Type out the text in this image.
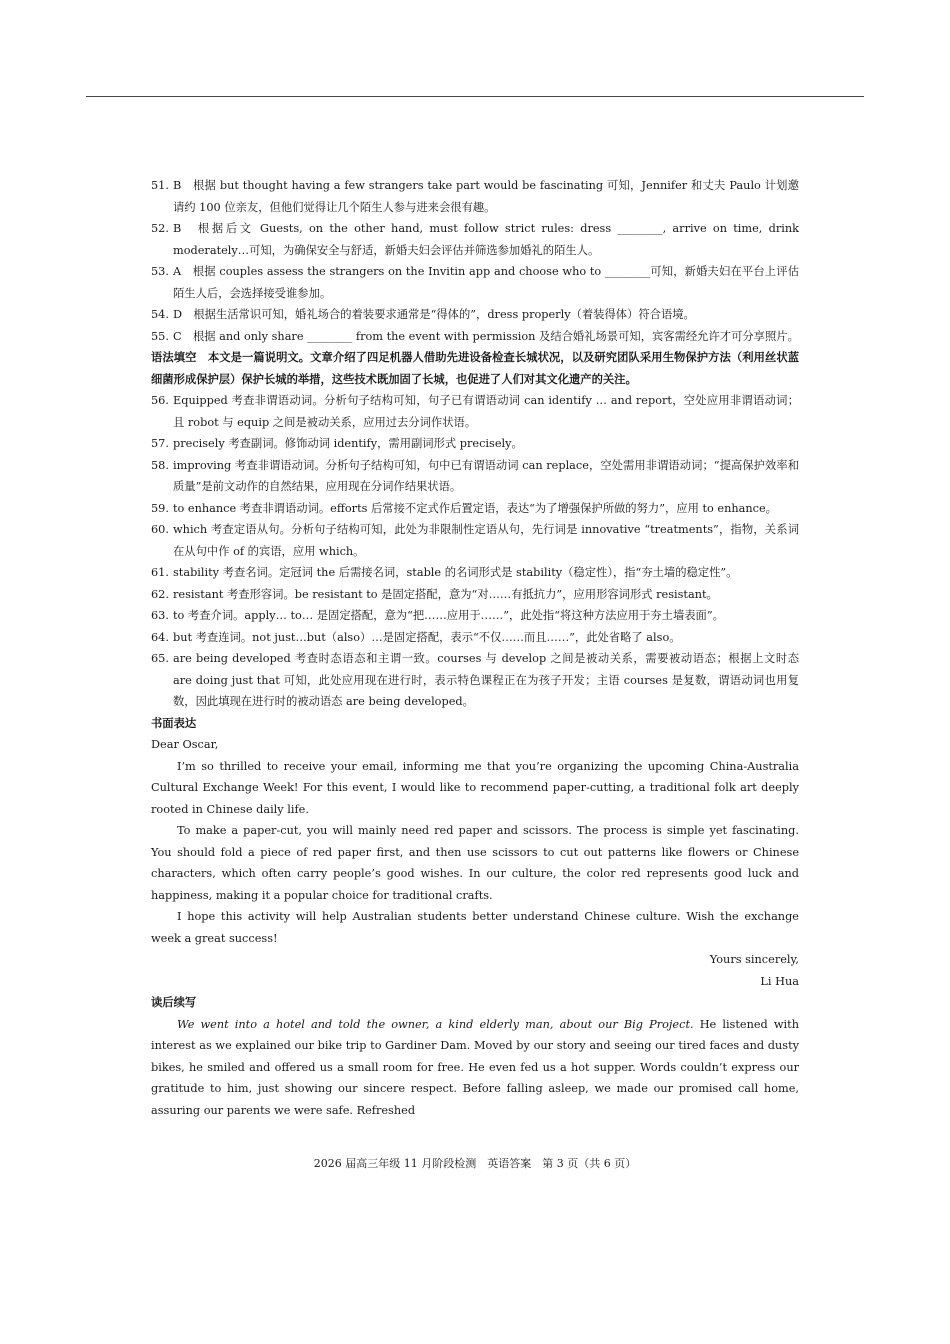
51. B　根据 but thought having a few strangers take part would be fascinating 可知，Jennifer 和丈夫 Paulo 计划邀请约 100 位亲友，但他们觉得让几个陌生人参与进来会很有趣。
52. B　根据后文 Guests, on the other hand, must follow strict rules: dress ________, arrive on time, drink moderately…可知，为确保安全与舒适，新婚夫妇会评估并筛选参加婚礼的陌生人。
53. A　根据 couples assess the strangers on the Invitin app and choose who to ________可知，新婚夫妇在平台上评估陌生人后，会选择接受谁参加。
54. D　根据生活常识可知，婚礼场合的着装要求通常是“得体的”，dress properly（着装得体）符合语境。
55. C　根据 and only share ________ from the event with permission 及结合婚礼场景可知，宾客需经允许才可分享照片。
语法填空　本文是一篇说明文。文章介绍了四足机器人借助先进设备检查长城状况，以及研究团队采用生物保护方法（利用丝状蓝细菌形成保护层）保护长城的举措，这些技术既加固了长城，也促进了人们对其文化遗产的关注。
56. Equipped 考查非谓语动词。分析句子结构可知，句子已有谓语动词 can identify … and report，空处应用非谓语动词；且 robot 与 equip 之间是被动关系，应用过去分词作状语。
57. precisely 考查副词。修饰动词 identify，需用副词形式 precisely。
58. improving 考查非谓语动词。分析句子结构可知，句中已有谓语动词 can replace，空处需用非谓语动词；“提高保护效率和质量”是前文动作的自然结果，应用现在分词作结果状语。
59. to enhance 考查非谓语动词。efforts 后常接不定式作后置定语，表达“为了增强保护所做的努力”，应用 to enhance。
60. which 考查定语从句。分析句子结构可知，此处为非限制性定语从句，先行词是 innovative “treatments”，指物，关系词在从句中作 of 的宾语，应用 which。
61. stability 考查名词。定冠词 the 后需接名词，stable 的名词形式是 stability（稳定性），指“夯土墙的稳定性”。
62. resistant 考查形容词。be resistant to 是固定搭配，意为“对……有抵抗力”，应用形容词形式 resistant。
63. to 考查介词。apply… to… 是固定搭配，意为“把……应用于……”，此处指“将这种方法应用于夯土墙表面”。
64. but 考查连词。not just…but（also）…是固定搭配，表示“不仅……而且……”，此处省略了 also。
65. are being developed 考查时态语态和主谓一致。courses 与 develop 之间是被动关系，需要被动语态；根据上文时态 are doing just that 可知，此处应用现在进行时，表示特色课程正在为孩子开发；主语 courses 是复数，谓语动词也用复数，因此填现在进行时的被动语态 are being developed。
书面表达
Dear Oscar,
I’m so thrilled to receive your email, informing me that you’re organizing the upcoming China-Australia Cultural Exchange Week! For this event, I would like to recommend paper-cutting, a traditional folk art deeply rooted in Chinese daily life.
To make a paper-cut, you will mainly need red paper and scissors. The process is simple yet fascinating. You should fold a piece of red paper first, and then use scissors to cut out patterns like flowers or Chinese characters, which often carry people’s good wishes. In our culture, the color red represents good luck and happiness, making it a popular choice for traditional crafts.
I hope this activity will help Australian students better understand Chinese culture. Wish the exchange week a great success!
Yours sincerely,
Li Hua
读后续写
We went into a hotel and told the owner, a kind elderly man, about our Big Project. He listened with interest as we explained our bike trip to Gardiner Dam. Moved by our story and seeing our tired faces and dusty bikes, he smiled and offered us a small room for free. He even fed us a hot supper. Words couldn’t express our gratitude to him, just showing our sincere respect. Before falling asleep, we made our promised call home, assuring our parents we were safe. Refreshed
2026 届高三年级 11 月阶段检测　英语答案　第 3 页（共 6 页）
